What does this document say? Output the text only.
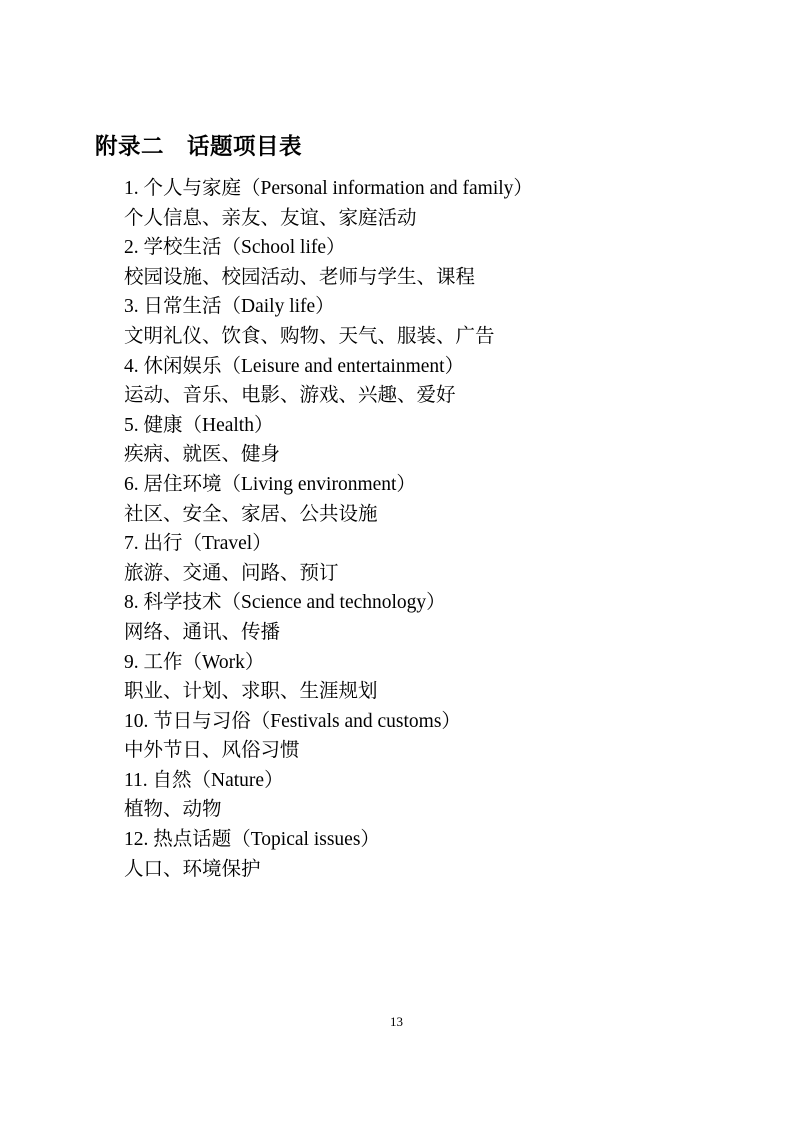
附录二　话题项目表

1. 个人与家庭（Personal information and family）

个人信息、亲友、友谊、家庭活动

2. 学校生活（School life）

校园设施、校园活动、老师与学生、课程

3. 日常生活（Daily life）

文明礼仪、饮食、购物、天气、服装、广告

4. 休闲娱乐（Leisure and entertainment）

运动、音乐、电影、游戏、兴趣、爱好

5. 健康（Health）

疾病、就医、健身

6. 居住环境（Living environment）

社区、安全、家居、公共设施

7. 出行（Travel）

旅游、交通、问路、预订

8. 科学技术（Science and technology）

网络、通讯、传播

9. 工作（Work）

职业、计划、求职、生涯规划

10. 节日与习俗（Festivals and customs）

中外节日、风俗习惯

11. 自然（Nature）

植物、动物

12. 热点话题（Topical issues）

人口、环境保护

13
